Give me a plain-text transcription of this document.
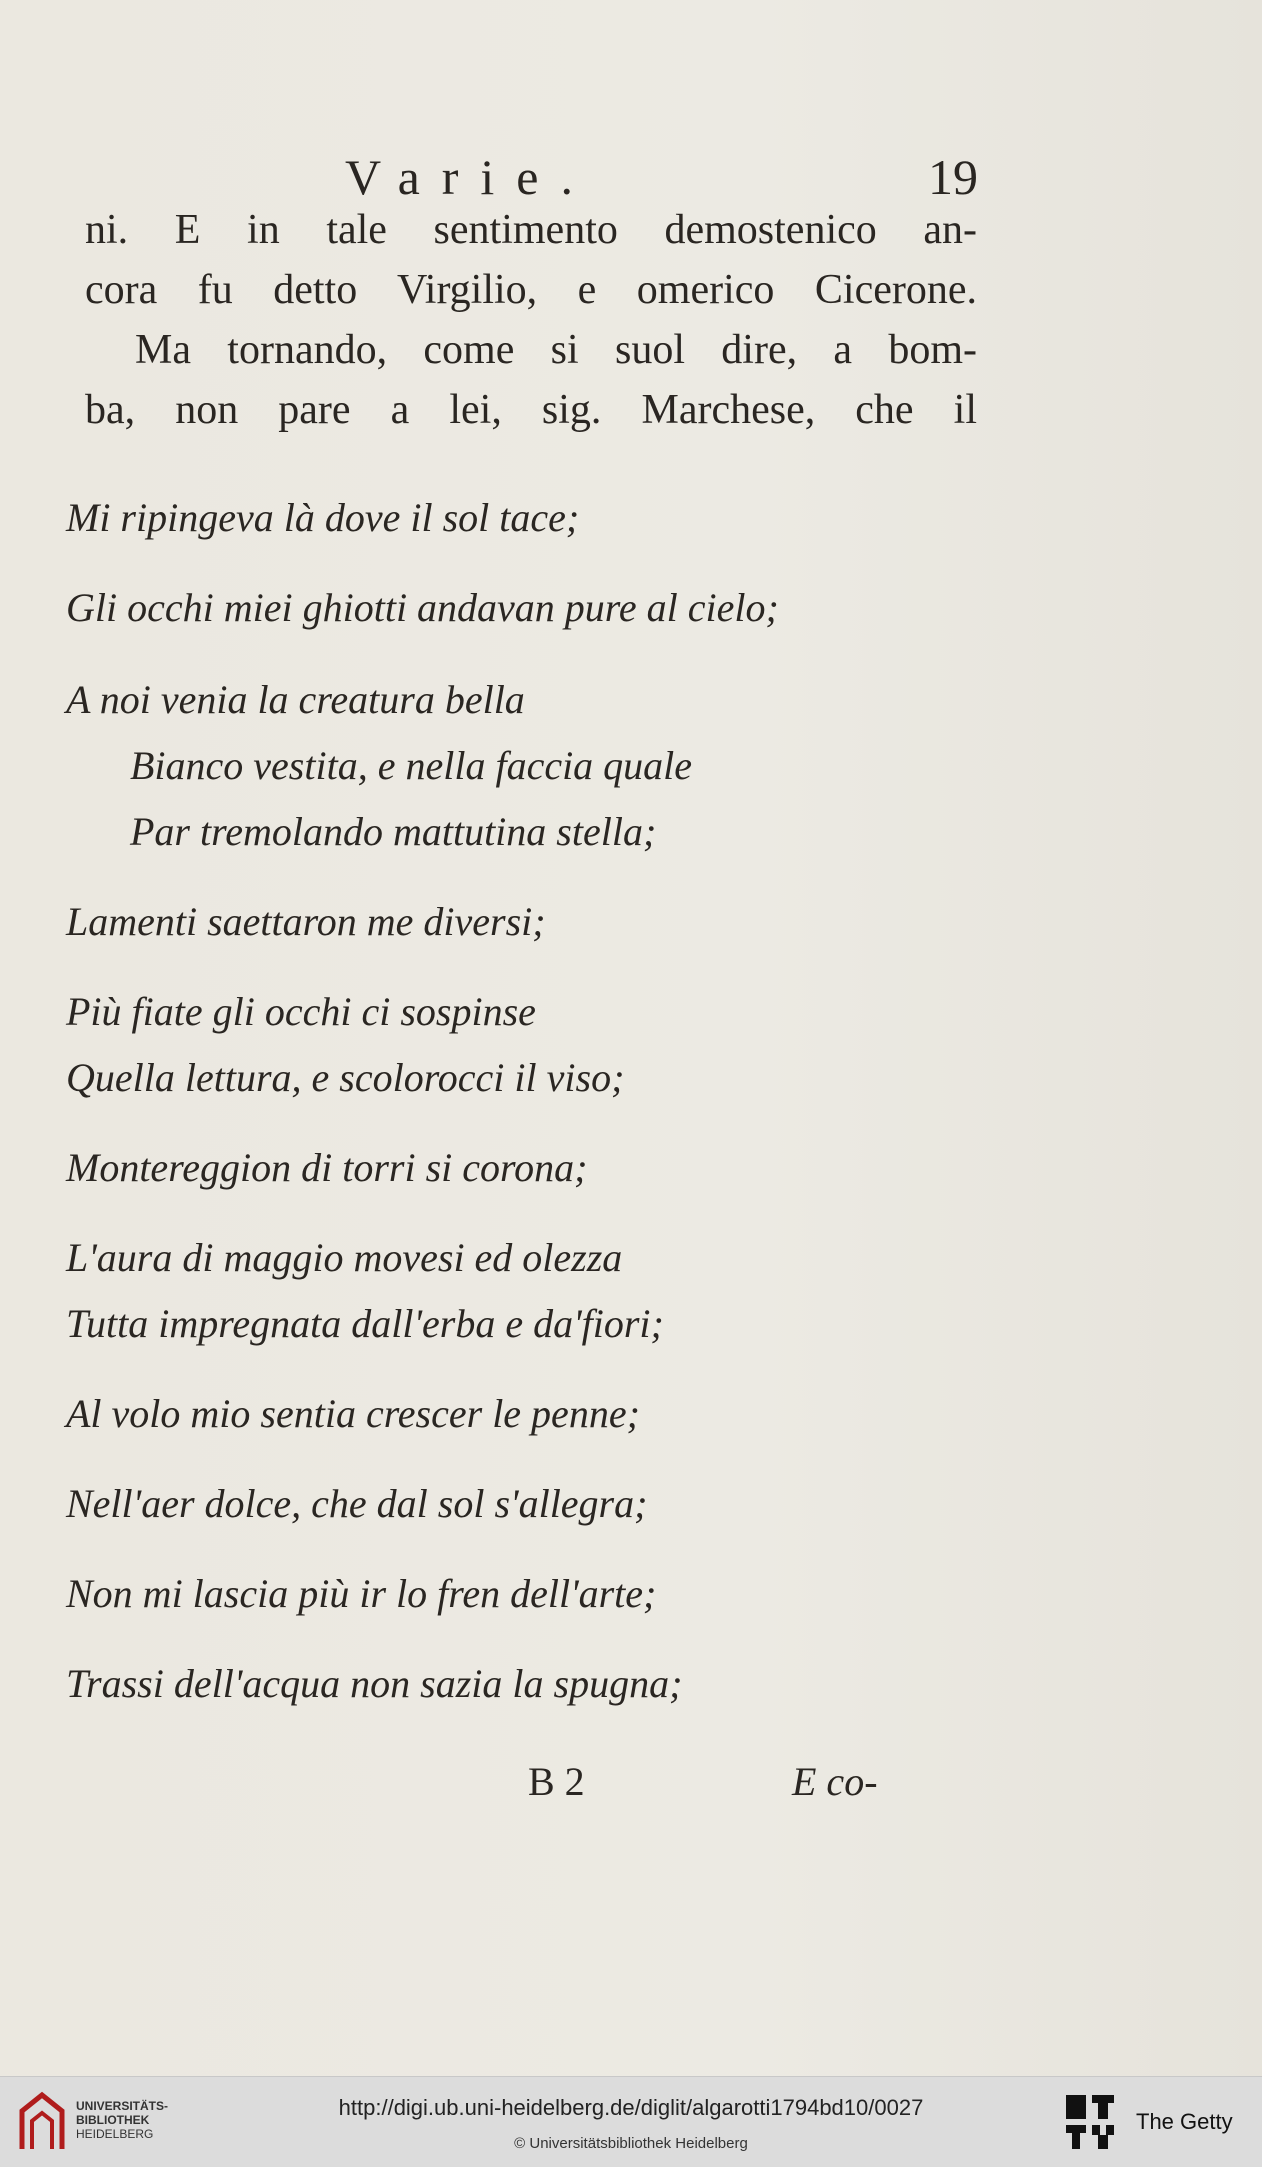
Varie.	19
ni. E in tale sentimento demostenico an-
cora fu detto Virgilio, e omerico Cicerone.
Ma tornando, come si suol dire, a bom-
ba, non pare a lei, sig. Marchese, che il
Mi ripingeva là dove il sol tace;
Gli occhi miei ghiotti andavan pure al cielo;
A noi venia la creatura bella
Bianco vestita, e nella faccia quale
Par tremolando mattutina stella;
Lamenti saettaron me diversi;
Più fiate gli occhi ci sospinse
Quella lettura, e scolorocci il viso;
Montereggion di torri si corona;
L'aura di maggio movesi ed olezza
Tutta impregnata dall'erba e da'fiori;
Al volo mio sentia crescer le penne;
Nell'aer dolce, che dal sol s'allegra;
Non mi lascia più ir lo fren dell'arte;
Trassi dell'acqua non sazia la spugna;
B 2	E co-
UNIVERSITÄTS-
BIBLIOTHEK
HEIDELBERG
http://digi.ub.uni-heidelberg.de/diglit/algarotti1794bd10/0027
© Universitätsbibliothek Heidelberg
The Getty
